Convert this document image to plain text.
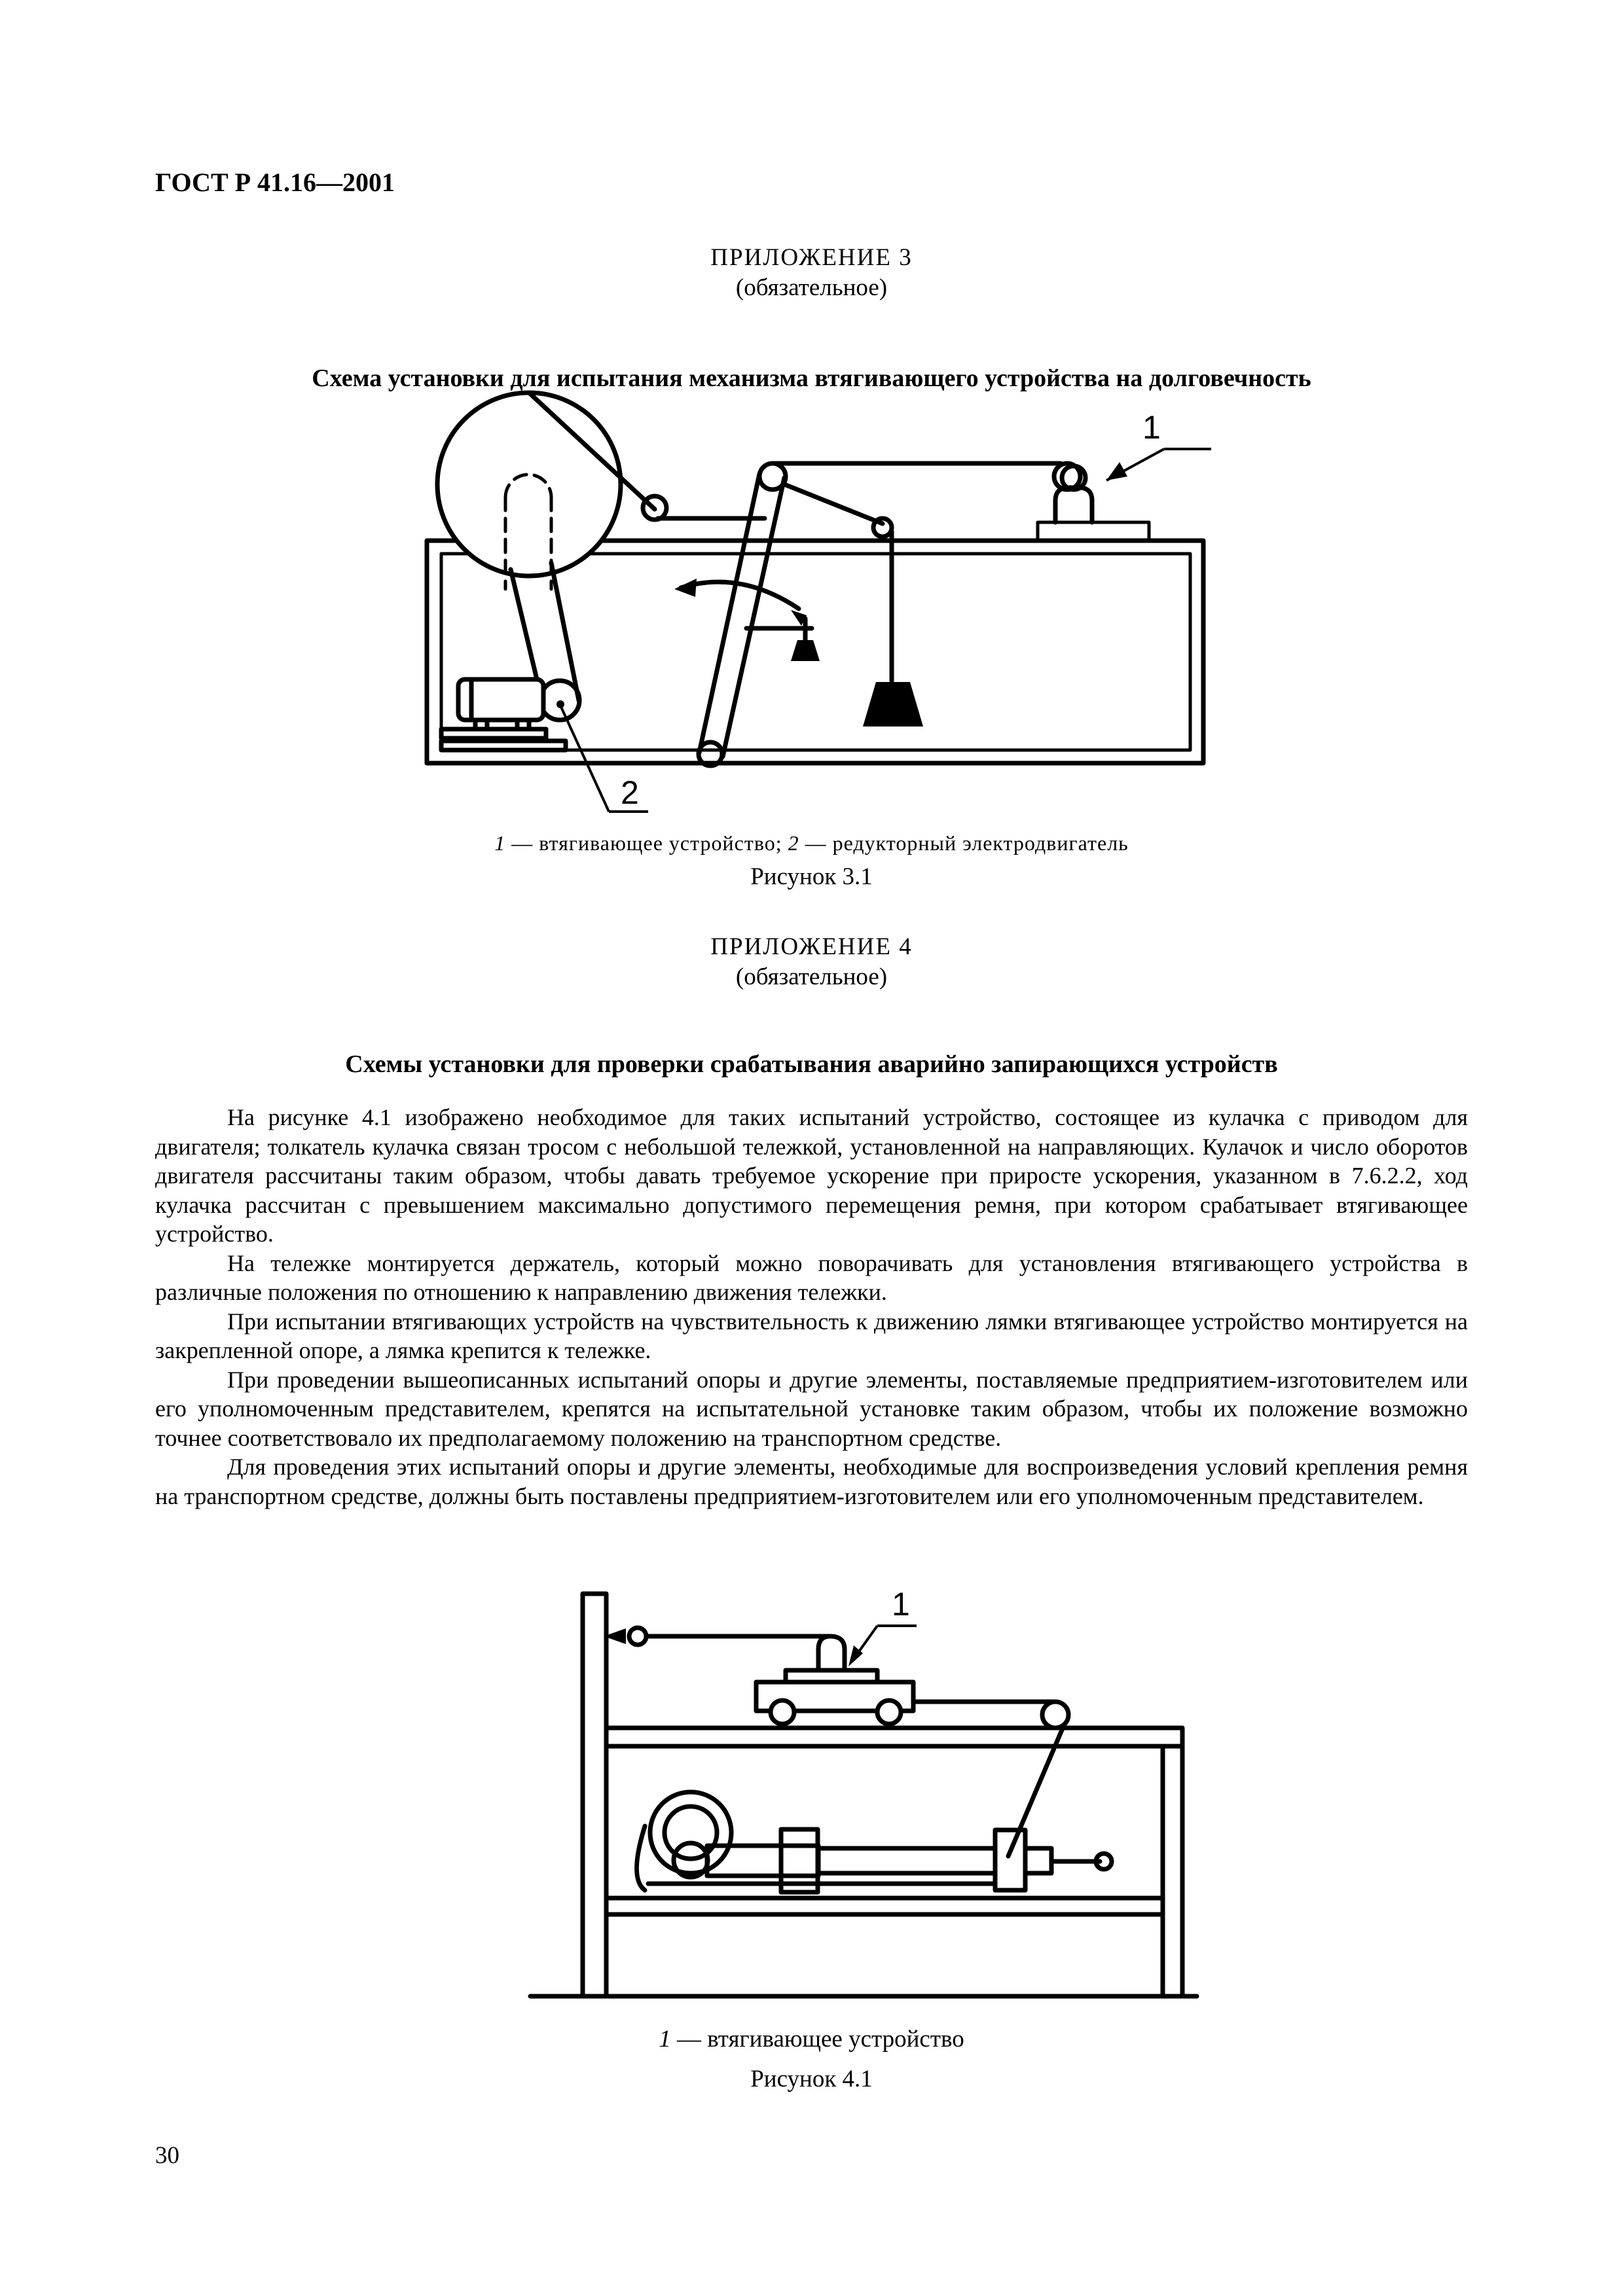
ГОСТ Р 41.16—2001
ПРИЛОЖЕНИЕ 3
(обязательное)
Схема установки для испытания механизма втягивающего устройства на долговечность
1
2
1 — втягивающее устройство; 2 — редукторный электродвигатель
Рисунок 3.1
ПРИЛОЖЕНИЕ 4
(обязательное)
Схемы установки для проверки срабатывания аварийно запирающихся устройств

На рисунке 4.1 изображено необходимое для таких испытаний устройство, состоящее из кулачка с приводом для двигателя; толкатель кулачка связан тросом с небольшой тележкой, установленной на направляющих. Кулачок и число оборотов двигателя рассчитаны таким образом, чтобы давать требуемое ускорение при приросте ускорения, указанном в 7.6.2.2, ход кулачка рассчитан с превышением максимально допустимого перемещения ремня, при котором срабатывает втягивающее устройство.

На тележке монтируется держатель, который можно поворачивать для установления втягивающего устройства в различные положения по отношению к направлению движения тележки.

При испытании втягивающих устройств на чувствительность к движению лямки втягивающее устройство монтируется на закрепленной опоре, а лямка крепится к тележке.

При проведении вышеописанных испытаний опоры и другие элементы, поставляемые предприятием-изготовителем или его уполномоченным представителем, крепятся на испытательной установке таким образом, чтобы их положение возможно точнее соответствовало их предполагаемому положению на транспортном средстве.

Для проведения этих испытаний опоры и другие элементы, необходимые для воспроизведения условий крепления ремня на транспортном средстве, должны быть поставлены предприятием-изготовителем или его уполномоченным представителем.

1
1 — втягивающее устройство
Рисунок 4.1
30
